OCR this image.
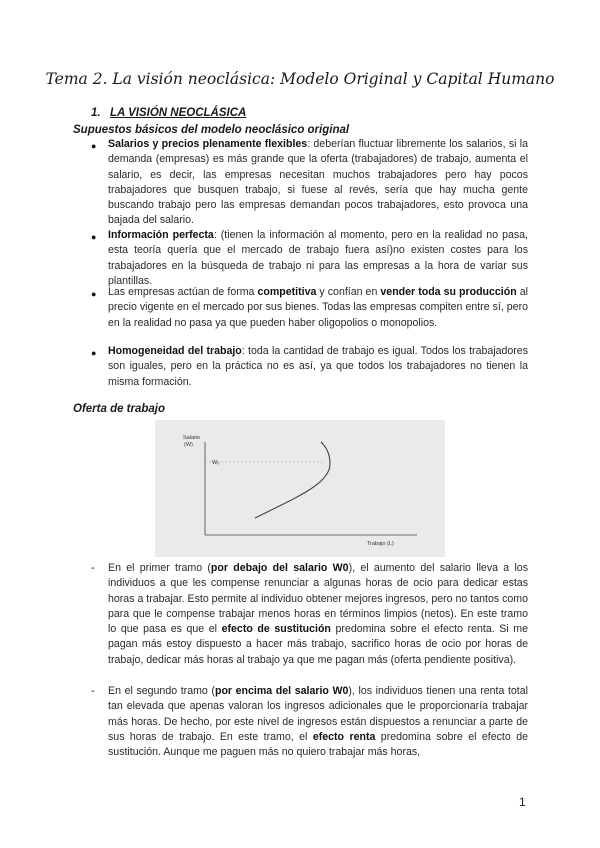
Tema 2. La visión neoclásica: Modelo Original y Capital Humano
1. LA VISIÓN NEOCLÁSICA
Supuestos básicos del modelo neoclásico original
● Salarios y precios plenamente flexibles: deberían fluctuar libremente los salarios, si la demanda (empresas) es más grande que la oferta (trabajadores) de trabajo, aumenta el salario, es decir, las empresas necesitan muchos trabajadores pero hay pocos trabajadores que busquen trabajo, si fuese al revés, sería que hay mucha gente buscando trabajo pero las empresas demandan pocos trabajadores, esto provoca una bajada del salario.
● Información perfecta: (tienen la información al momento, pero en la realidad no pasa, esta teoría quería que el mercado de trabajo fuera así)no existen costes para los trabajadores en la búsqueda de trabajo ni para las empresas a la hora de variar sus plantillas.
● Las empresas actúan de forma competitiva y confían en vender toda su producción al precio vigente en el mercado por sus bienes. Todas las empresas compiten entre sí, pero en la realidad no pasa ya que pueden haber oligopolios o monopolios.
● Homogeneidad del trabajo: toda la cantidad de trabajo es igual. Todos los trabajadores son iguales, pero en la práctica no es así, ya que todos los trabajadores no tienen la misma formación.
Oferta de trabajo
Salario
(W)
W₀
Trabajo (L)
- En el primer tramo (por debajo del salario W0), el aumento del salario lleva a los individuos a que les compense renunciar a algunas horas de ocio para dedicar estas horas a trabajar. Esto permite al individuo obtener mejores ingresos, pero no tantos como para que le compense trabajar menos horas en términos limpios (netos). En este tramo lo que pasa es que el efecto de sustitución predomina sobre el efecto renta. Si me pagan más estoy dispuesto a hacer más trabajo, sacrifico horas de ocio por horas de trabajo, dedicar más horas al trabajo ya que me pagan más (oferta pendiente positiva).
- En el segundo tramo (por encima del salario W0), los individuos tienen una renta total tan elevada que apenas valoran los ingresos adicionales que le proporcionaría trabajar más horas. De hecho, por este nivel de ingresos están dispuestos a renunciar a parte de sus horas de trabajo. En este tramo, el efecto renta predomina sobre el efecto de sustitución. Aunque me paguen más no quiero trabajar más horas,
1
